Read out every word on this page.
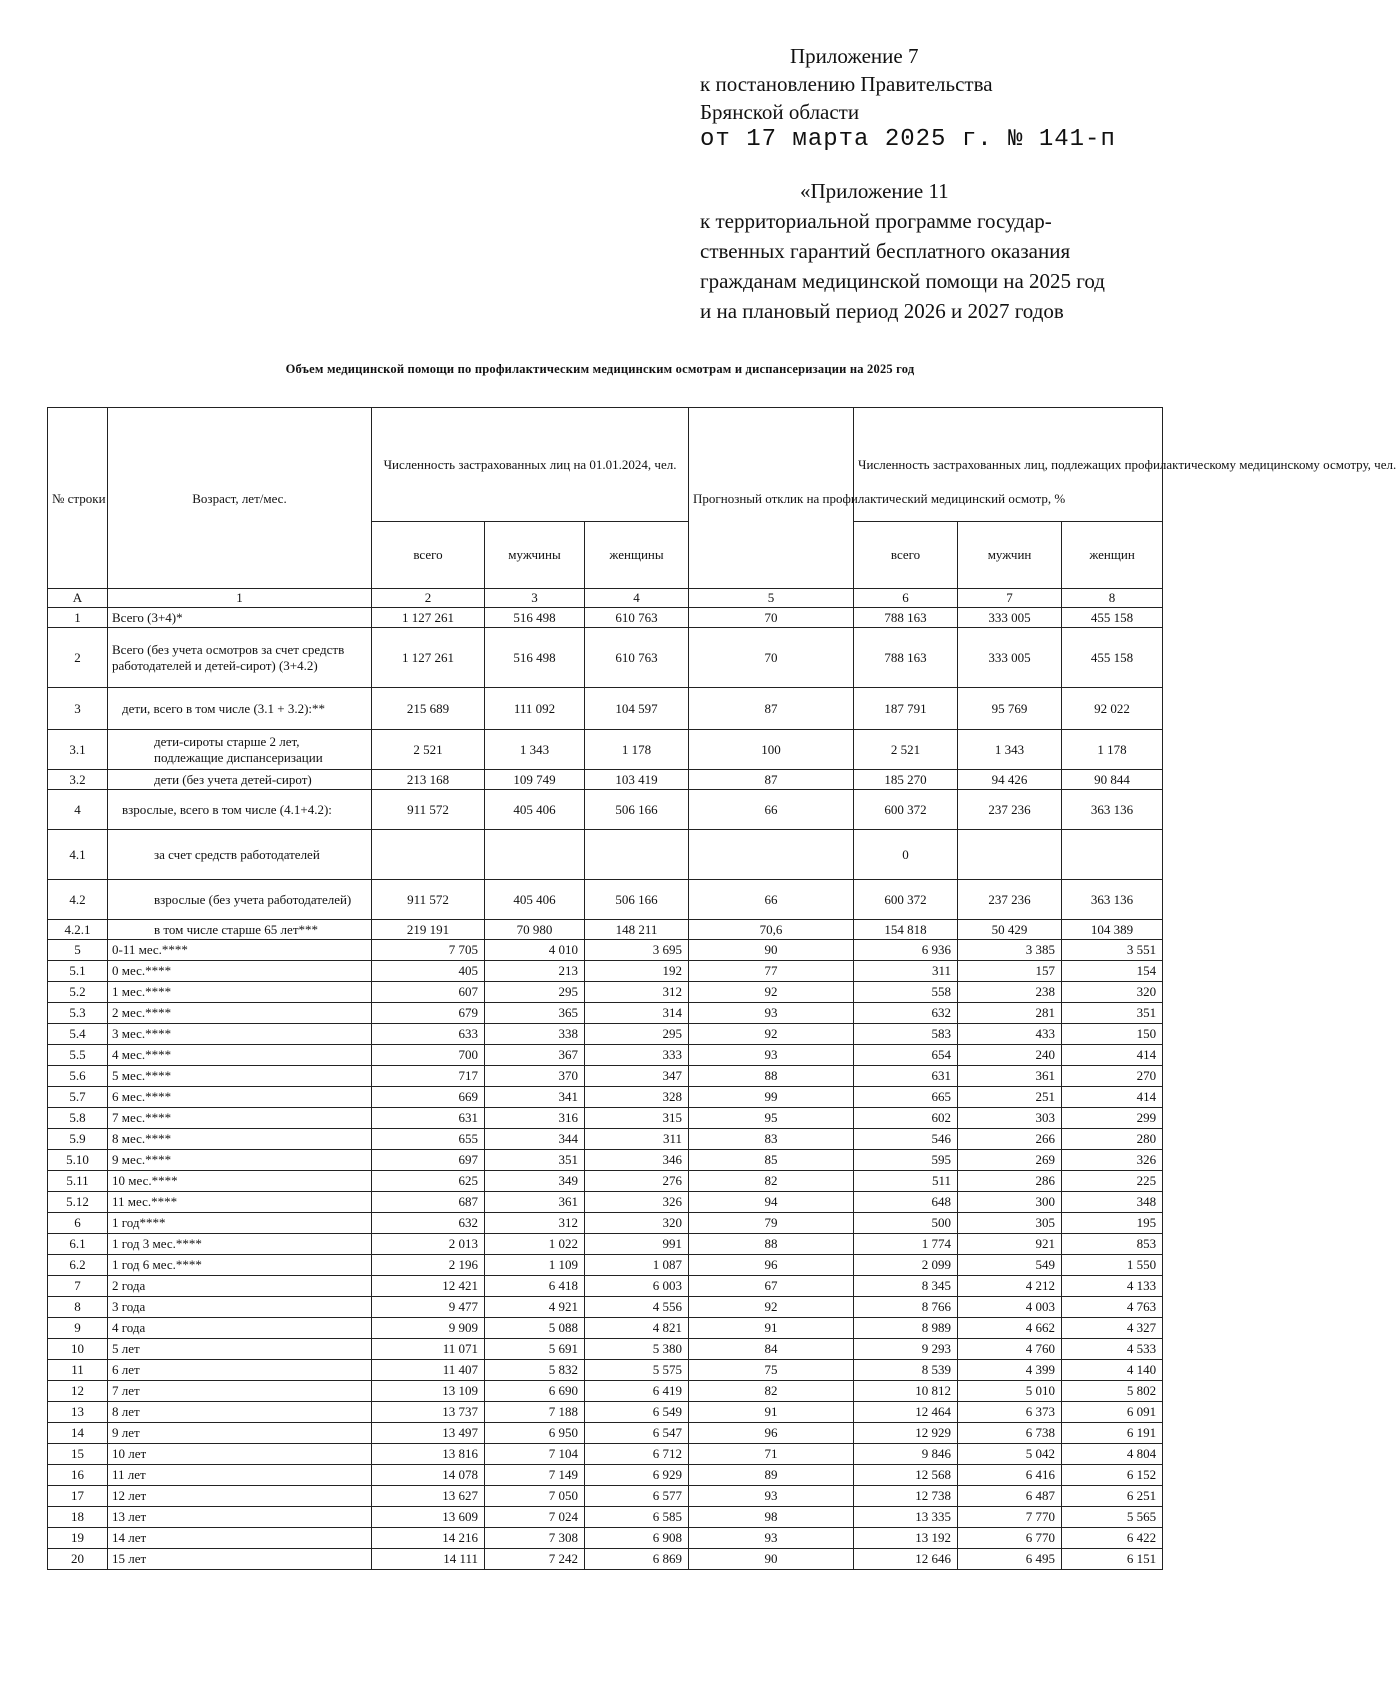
Приложение 7
к постановлению Правительства
Брянской области
от 17 марта 2025 г. № 141-п
«Приложение 11
к территориальной программе государ-
ственных гарантий бесплатного оказания
гражданам медицинской помощи на 2025 год
и на плановый период 2026 и 2027 годов
Объем медицинской помощи по профилактическим медицинским осмотрам и диспансеризации на 2025 год
№ строки	Возраст, лет/мес.	Численность застрахованных лиц на 01.01.2024, чел.			Прогнозный отклик на профилактический медицинский осмотр, %	Численность застрахованных лиц, подлежащих профилактическому медицинскому осмотру, чел.		
		всего	мужчины	женщины		всего	мужчин	женщин
А	1	2	3	4	5	6	7	8
1	Всего (3+4)*	1 127 261	516 498	610 763	70	788 163	333 005	455 158
2	Всего (без учета осмотров за счет средств работодателей и детей-сирот) (3+4.2)	1 127 261	516 498	610 763	70	788 163	333 005	455 158
3	дети, всего в том числе (3.1 + 3.2):**	215 689	111 092	104 597	87	187 791	95 769	92 022
3.1	дети-сироты старше 2 лет, подлежащие диспансеризации	2 521	1 343	1 178	100	2 521	1 343	1 178
3.2	дети (без учета детей-сирот)	213 168	109 749	103 419	87	185 270	94 426	90 844
4	взрослые, всего в том числе (4.1+4.2):	911 572	405 406	506 166	66	600 372	237 236	363 136
4.1	за счет средств работодателей					0		
4.2	взрослые (без учета работодателей)	911 572	405 406	506 166	66	600 372	237 236	363 136
4.2.1	в том числе старше 65 лет***	219 191	70 980	148 211	70,6	154 818	50 429	104 389
5	0-11 мес.****	7 705	4 010	3 695	90	6 936	3 385	3 551
5.1	0 мес.****	405	213	192	77	311	157	154
5.2	1 мес.****	607	295	312	92	558	238	320
5.3	2 мес.****	679	365	314	93	632	281	351
5.4	3 мес.****	633	338	295	92	583	433	150
5.5	4 мес.****	700	367	333	93	654	240	414
5.6	5 мес.****	717	370	347	88	631	361	270
5.7	6 мес.****	669	341	328	99	665	251	414
5.8	7 мес.****	631	316	315	95	602	303	299
5.9	8 мес.****	655	344	311	83	546	266	280
5.10	9 мес.****	697	351	346	85	595	269	326
5.11	10 мес.****	625	349	276	82	511	286	225
5.12	11 мес.****	687	361	326	94	648	300	348
6	1 год****	632	312	320	79	500	305	195
6.1	1 год 3 мес.****	2 013	1 022	991	88	1 774	921	853
6.2	1 год 6 мес.****	2 196	1 109	1 087	96	2 099	549	1 550
7	2 года	12 421	6 418	6 003	67	8 345	4 212	4 133
8	3 года	9 477	4 921	4 556	92	8 766	4 003	4 763
9	4 года	9 909	5 088	4 821	91	8 989	4 662	4 327
10	5 лет	11 071	5 691	5 380	84	9 293	4 760	4 533
11	6 лет	11 407	5 832	5 575	75	8 539	4 399	4 140
12	7 лет	13 109	6 690	6 419	82	10 812	5 010	5 802
13	8 лет	13 737	7 188	6 549	91	12 464	6 373	6 091
14	9 лет	13 497	6 950	6 547	96	12 929	6 738	6 191
15	10 лет	13 816	7 104	6 712	71	9 846	5 042	4 804
16	11 лет	14 078	7 149	6 929	89	12 568	6 416	6 152
17	12 лет	13 627	7 050	6 577	93	12 738	6 487	6 251
18	13 лет	13 609	7 024	6 585	98	13 335	7 770	5 565
19	14 лет	14 216	7 308	6 908	93	13 192	6 770	6 422
20	15 лет	14 111	7 242	6 869	90	12 646	6 495	6 151
